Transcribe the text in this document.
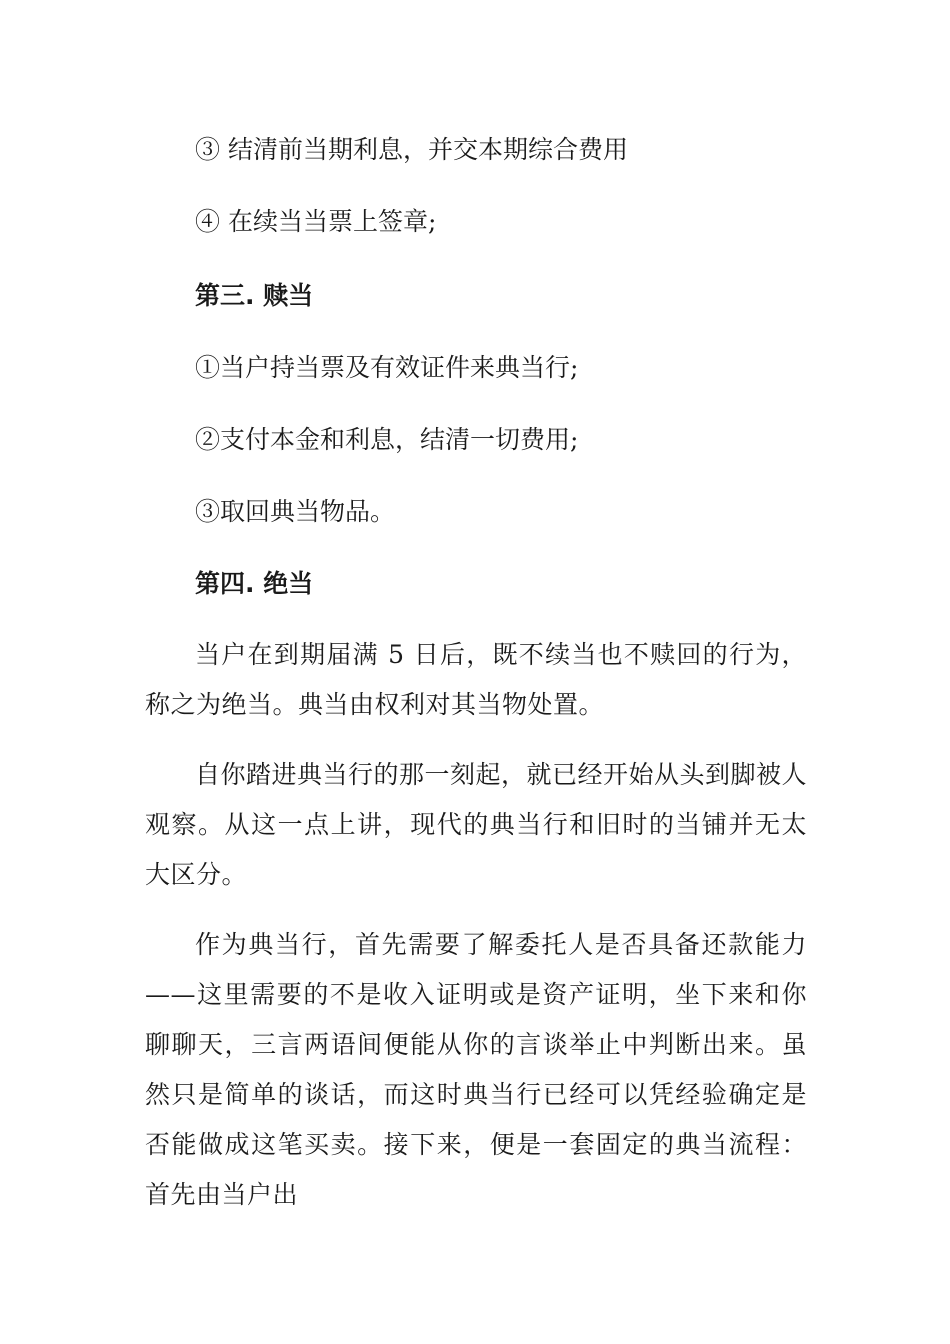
③ 结清前当期利息，并交本期综合费用
④ 在续当当票上签章;
第三. 赎当
①当户持当票及有效证件来典当行;
②支付本金和利息，结清一切费用;
③取回典当物品。
第四. 绝当
当户在到期届满 5 日后，既不续当也不赎回的行为，称之为绝当。典当由权利对其当物处置。
自你踏进典当行的那一刻起，就已经开始从头到脚被人观察。从这一点上讲，现代的典当行和旧时的当铺并无太大区分。
作为典当行，首先需要了解委托人是否具备还款能力——这里需要的不是收入证明或是资产证明，坐下来和你聊聊天，三言两语间便能从你的言谈举止中判断出来。虽然只是简单的谈话，而这时典当行已经可以凭经验确定是否能做成这笔买卖。接下来，便是一套固定的典当流程：首先由当户出
